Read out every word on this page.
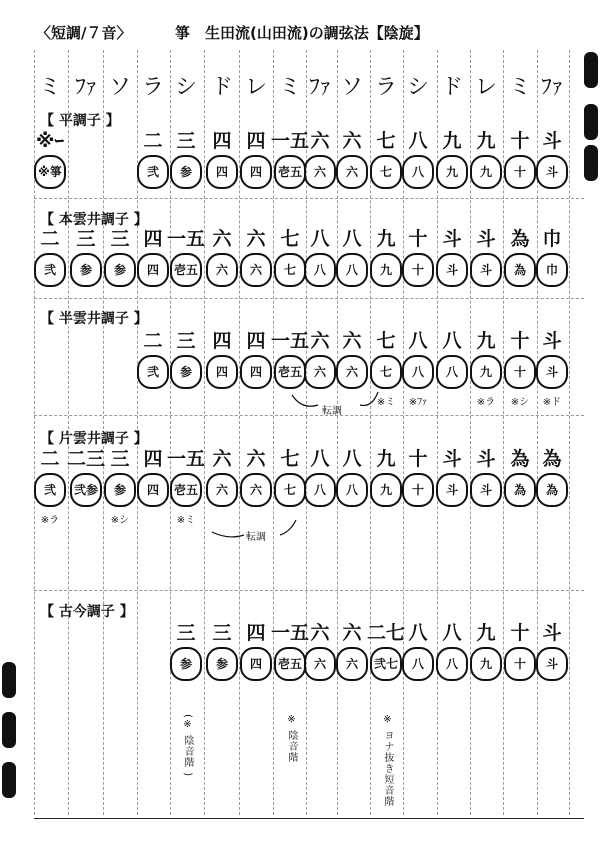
〈短調/７音〉	箏　生田流(山田流)の調弦法【陰旋】
ミ ﾌｧ ソ ラ シ ド レ ミ ﾌｧ ソ ラ シ ド レ ミ ﾌｧ
【 平調子 】
※ｰ
※箏
二
弐
三
参
四
四
四
四
一五
壱五
六
六
六
六
七
七
八
八
九
九
九
九
十
十
斗
斗
【 本雲井調子 】
二
弐
三
参
三
参
四
四
一五
壱五
六
六
六
六
七
七
八
八
八
八
九
九
十
十
斗
斗
斗
斗
為
為
巾
巾
【 半雲井調子 】
二
弐
三
参
四
四
四
四
一五
壱五
六
六
六
六
七
七
※ミ
八
八
※ﾌｧ
八
八
九
九
※ラ
十
十
※シ
斗
斗
※ド
転調
【 片雲井調子 】
二
弐
※ラ
二三
弐参
三
参
※シ
四
四
一五
壱五
※ミ
六
六
六
六
七
七
八
八
八
八
九
九
十
十
斗
斗
斗
斗
為
為
為
為
転調
【 古今調子 】
三
参
(※ 陰音階 )
三
参
四
四
一五
壱五
※ 陰音階
六
六
六
六
二七
弐七
※ ヨナ抜き短音階
八
八
八
八
九
九
十
十
斗
斗
